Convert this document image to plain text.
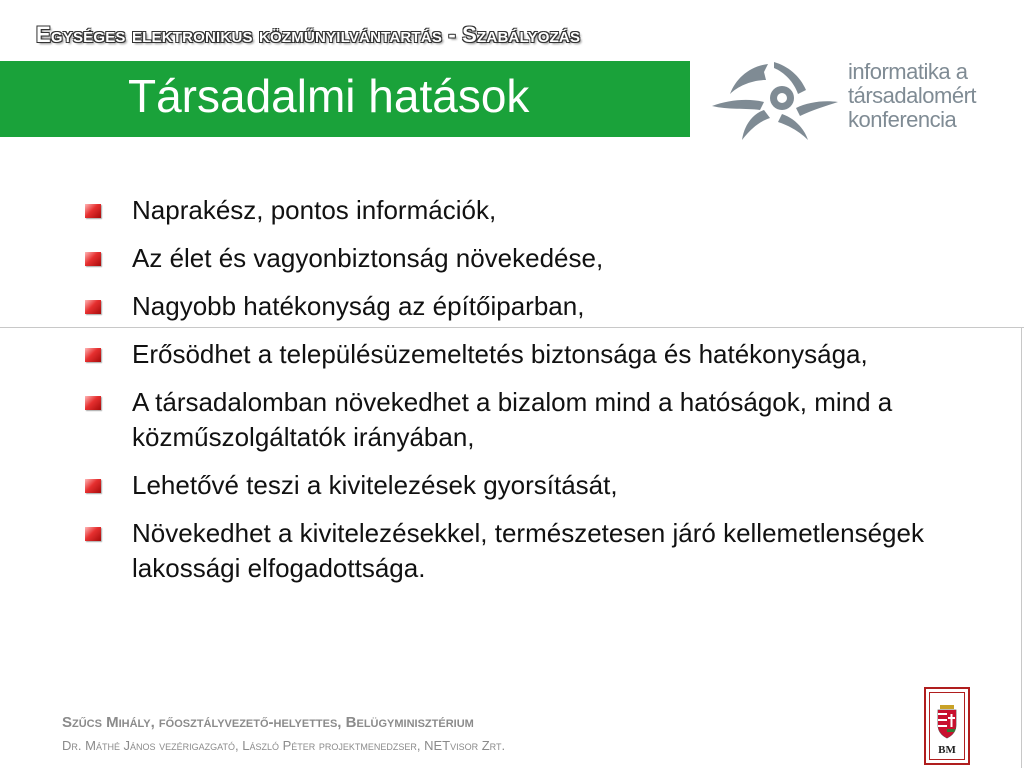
Egységes elektronikus közműnyilvántartás - Szabályozás
Társadalmi hatások	informatika a
társadalomért
konferencia
Naprakész, pontos információk,
Az élet és vagyonbiztonság növekedése,
Nagyobb hatékonyság az építőiparban,
Erősödhet a településüzemeltetés biztonsága és hatékonysága,
A társadalomban növekedhet a bizalom mind a hatóságok, mind a közműszolgáltatók irányában,
Lehetővé teszi a kivitelezések gyorsítását,
Növekedhet a kivitelezésekkel, természetesen járó kellemetlenségek lakossági elfogadottsága.
Szűcs Mihály, főosztályvezető-helyettes, Belügyminisztérium
Dr. Máthé János vezérigazgató, László Péter projektmenedzser, NETvisor Zrt.	BM
